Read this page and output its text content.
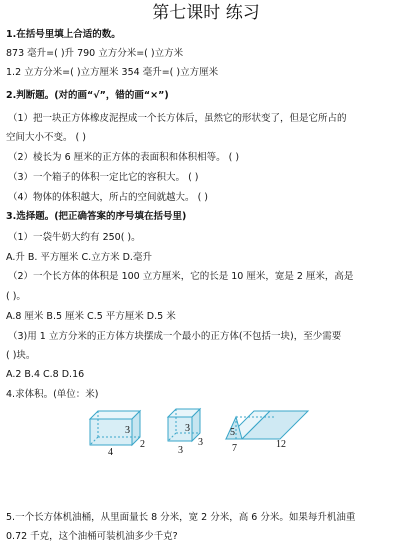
第七课时 练习
1.在括号里填上合适的数。
873 毫升=( )升 790 立方分米=( )立方米
1.2 立方分米=( )立方厘米 354 毫升=( )立方厘米
2.判断题。(对的画“√”，错的画“×”)
（1）把一块正方体橡皮泥捏成一个长方体后，虽然它的形状变了，但是它所占的
空间大小不变。 ( )
（2）棱长为 6 厘米的正方体的表面积和体积相等。 ( )
（3）一个箱子的体积一定比它的容积大。 ( )
（4）物体的体积越大，所占的空间就越大。 ( )
3.选择题。(把正确答案的序号填在括号里)
（1）一袋牛奶大约有 250( )。
A.升 B. 平方厘米 C.立方米 D.毫升
（2）一个长方体的体积是 100 立方厘米，它的长是 10 厘米，宽是 2 厘米，高是
( )。
A.8 厘米 B.5 厘米 C.5 平方厘米 D.5 米
（3)用 1 立方分米的正方体方块摆成一个最小的正方体(不包括一块)，至少需要
( )块。
A.2 B.4 C.8 D.16
4.求体积。(单位：米)
5.一个长方体机油桶，从里面量长 8 分米，宽 2 分米，高 6 分米。如果每升机油重
0.72 千克，这个油桶可装机油多少千克?
3
4
2
3
3
3
5
7	12
